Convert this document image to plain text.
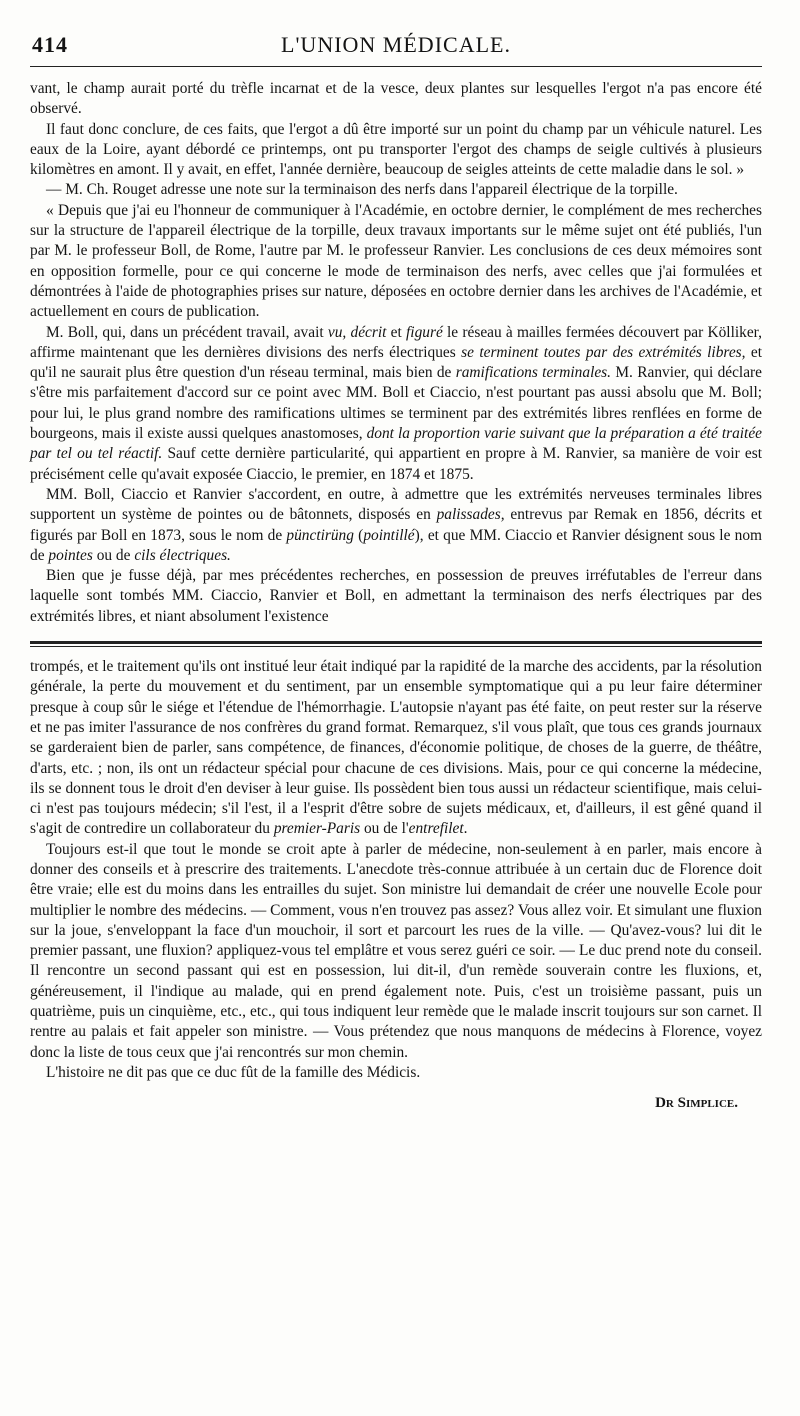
414	L'UNION MÉDICALE.

vant, le champ aurait porté du trèfle incarnat et de la vesce, deux plantes sur lesquelles l'ergot n'a pas encore été observé.

Il faut donc conclure, de ces faits, que l'ergot a dû être importé sur un point du champ par un véhicule naturel. Les eaux de la Loire, ayant débordé ce printemps, ont pu transporter l'ergot des champs de seigle cultivés à plusieurs kilomètres en amont. Il y avait, en effet, l'année dernière, beaucoup de seigles atteints de cette maladie dans le sol. »

— M. Ch. Rouget adresse une note sur la terminaison des nerfs dans l'appareil électrique de la torpille.

« Depuis que j'ai eu l'honneur de communiquer à l'Académie, en octobre dernier, le complément de mes recherches sur la structure de l'appareil électrique de la torpille, deux travaux importants sur le même sujet ont été publiés, l'un par M. le professeur Boll, de Rome, l'autre par M. le professeur Ranvier. Les conclusions de ces deux mémoires sont en opposition formelle, pour ce qui concerne le mode de terminaison des nerfs, avec celles que j'ai formulées et démontrées à l'aide de photographies prises sur nature, déposées en octobre dernier dans les archives de l'Académie, et actuellement en cours de publication.

M. Boll, qui, dans un précédent travail, avait vu, décrit et figuré le réseau à mailles fermées découvert par Kölliker, affirme maintenant que les dernières divisions des nerfs électriques se terminent toutes par des extrémités libres, et qu'il ne saurait plus être question d'un réseau terminal, mais bien de ramifications terminales. M. Ranvier, qui déclare s'être mis parfaitement d'accord sur ce point avec MM. Boll et Ciaccio, n'est pourtant pas aussi absolu que M. Boll; pour lui, le plus grand nombre des ramifications ultimes se terminent par des extrémités libres renflées en forme de bourgeons, mais il existe aussi quelques anastomoses, dont la proportion varie suivant que la préparation a été traitée par tel ou tel réactif. Sauf cette dernière particularité, qui appartient en propre à M. Ranvier, sa manière de voir est précisément celle qu'avait exposée Ciaccio, le premier, en 1874 et 1875.

MM. Boll, Ciaccio et Ranvier s'accordent, en outre, à admettre que les extrémités nerveuses terminales libres supportent un système de pointes ou de bâtonnets, disposés en palissades, entrevus par Remak en 1856, décrits et figurés par Boll en 1873, sous le nom de pünctirüng (pointillé), et que MM. Ciaccio et Ranvier désignent sous le nom de pointes ou de cils électriques.

Bien que je fusse déjà, par mes précédentes recherches, en possession de preuves irréfutables de l'erreur dans laquelle sont tombés MM. Ciaccio, Ranvier et Boll, en admettant la terminaison des nerfs électriques par des extrémités libres, et niant absolument l'existence

trompés, et le traitement qu'ils ont institué leur était indiqué par la rapidité de la marche des accidents, par la résolution générale, la perte du mouvement et du sentiment, par un ensemble symptomatique qui a pu leur faire déterminer presque à coup sûr le siége et l'étendue de l'hémorrhagie. L'autopsie n'ayant pas été faite, on peut rester sur la réserve et ne pas imiter l'assurance de nos confrères du grand format. Remarquez, s'il vous plaît, que tous ces grands journaux se garderaient bien de parler, sans compétence, de finances, d'économie politique, de choses de la guerre, de théâtre, d'arts, etc. ; non, ils ont un rédacteur spécial pour chacune de ces divisions. Mais, pour ce qui concerne la médecine, ils se donnent tous le droit d'en deviser à leur guise. Ils possèdent bien tous aussi un rédacteur scientifique, mais celui-ci n'est pas toujours médecin; s'il l'est, il a l'esprit d'être sobre de sujets médicaux, et, d'ailleurs, il est gêné quand il s'agit de contredire un collaborateur du premier-Paris ou de l'entrefilet.

Toujours est-il que tout le monde se croit apte à parler de médecine, non-seulement à en parler, mais encore à donner des conseils et à prescrire des traitements. L'anecdote très-connue attribuée à un certain duc de Florence doit être vraie; elle est du moins dans les entrailles du sujet. Son ministre lui demandait de créer une nouvelle Ecole pour multiplier le nombre des médecins. — Comment, vous n'en trouvez pas assez? Vous allez voir. Et simulant une fluxion sur la joue, s'enveloppant la face d'un mouchoir, il sort et parcourt les rues de la ville. — Qu'avez-vous? lui dit le premier passant, une fluxion? appliquez-vous tel emplâtre et vous serez guéri ce soir. — Le duc prend note du conseil. Il rencontre un second passant qui est en possession, lui dit-il, d'un remède souverain contre les fluxions, et, généreusement, il l'indique au malade, qui en prend également note. Puis, c'est un troisième passant, puis un quatrième, puis un cinquième, etc., etc., qui tous indiquent leur remède que le malade inscrit toujours sur son carnet. Il rentre au palais et fait appeler son ministre. — Vous prétendez que nous manquons de médecins à Florence, voyez donc la liste de tous ceux que j'ai rencontrés sur mon chemin.

L'histoire ne dit pas que ce duc fût de la famille des Médicis.

Dr Simplice.
